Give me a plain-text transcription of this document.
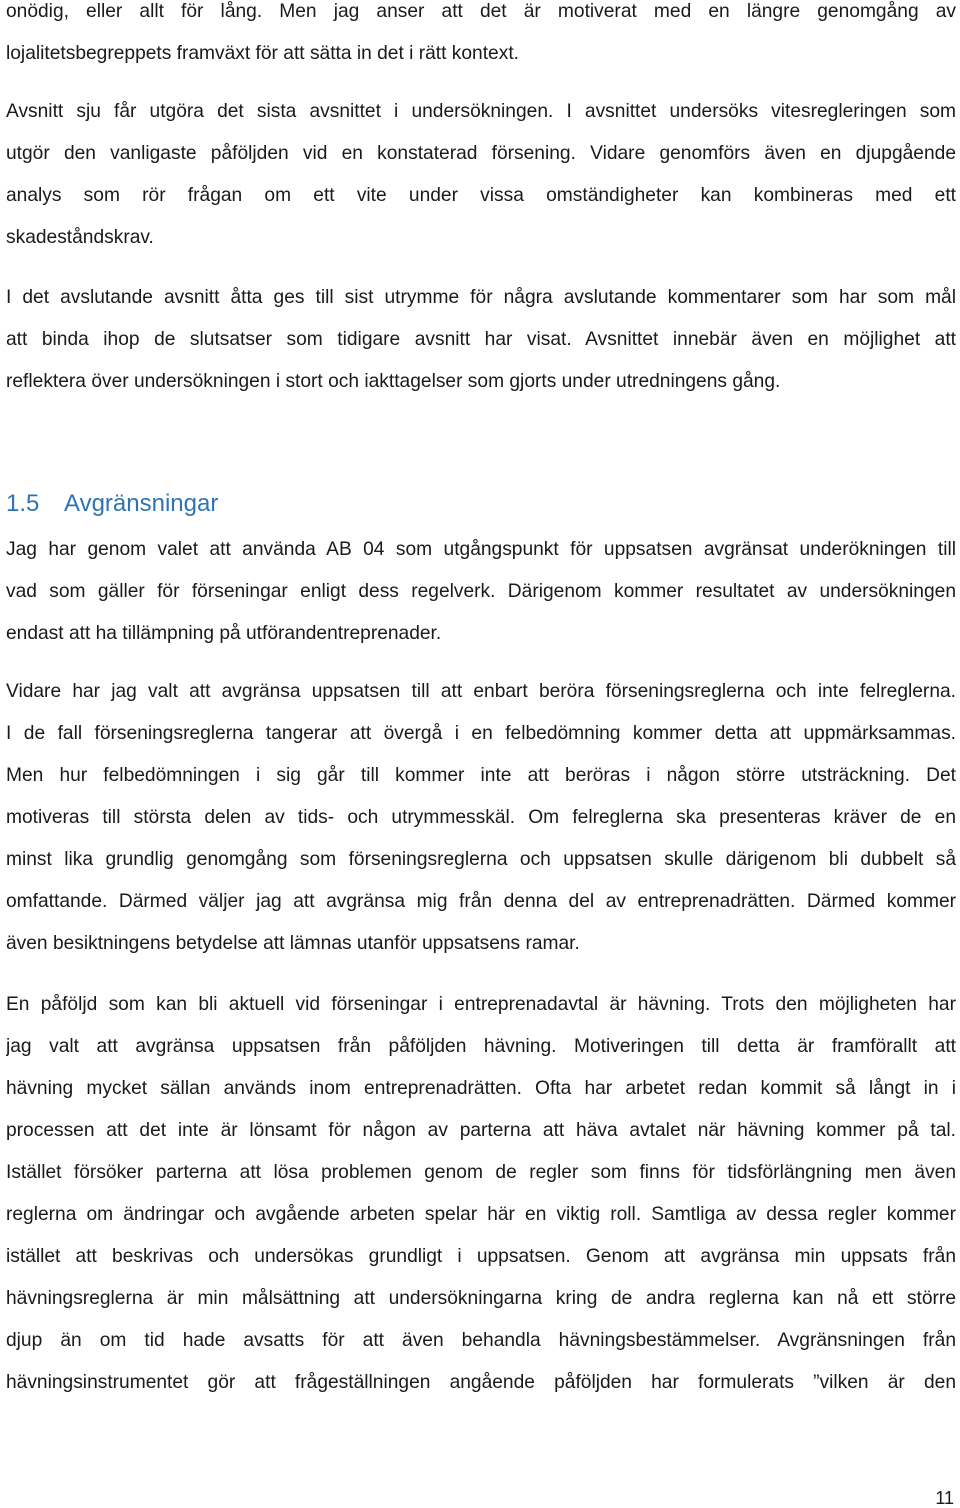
onödig, eller allt för lång. Men jag anser att det är motiverat med en längre genomgång av
lojalitetsbegreppets framväxt för att sätta in det i rätt kontext.
Avsnitt sju får utgöra det sista avsnittet i undersökningen. I avsnittet undersöks vitesregleringen som
utgör den vanligaste påföljden vid en konstaterad försening. Vidare genomförs även en djupgående
analys som rör frågan om ett vite under vissa omständigheter kan kombineras med ett
skadeståndskrav.
I det avslutande avsnitt åtta ges till sist utrymme för några avslutande kommentarer som har som mål
att binda ihop de slutsatser som tidigare avsnitt har visat. Avsnittet innebär även en möjlighet att
reflektera över undersökningen i stort och iakttagelser som gjorts under utredningens gång.
1.5 Avgränsningar
Jag har genom valet att använda AB 04 som utgångspunkt för uppsatsen avgränsat underökningen till
vad som gäller för förseningar enligt dess regelverk. Därigenom kommer resultatet av undersökningen
endast att ha tillämpning på utförandentreprenader.
Vidare har jag valt att avgränsa uppsatsen till att enbart beröra förseningsreglerna och inte felreglerna.
I de fall förseningsreglerna tangerar att övergå i en felbedömning kommer detta att uppmärksammas.
Men hur felbedömningen i sig går till kommer inte att beröras i någon större utsträckning. Det
motiveras till största delen av tids- och utrymmesskäl. Om felreglerna ska presenteras kräver de en
minst lika grundlig genomgång som förseningsreglerna och uppsatsen skulle därigenom bli dubbelt så
omfattande. Därmed väljer jag att avgränsa mig från denna del av entreprenadrätten. Därmed kommer
även besiktningens betydelse att lämnas utanför uppsatsens ramar.
En påföljd som kan bli aktuell vid förseningar i entreprenadavtal är hävning. Trots den möjligheten har
jag valt att avgränsa uppsatsen från påföljden hävning. Motiveringen till detta är framförallt att
hävning mycket sällan används inom entreprenadrätten. Ofta har arbetet redan kommit så långt in i
processen att det inte är lönsamt för någon av parterna att häva avtalet när hävning kommer på tal.
Istället försöker parterna att lösa problemen genom de regler som finns för tidsförlängning men även
reglerna om ändringar och avgående arbeten spelar här en viktig roll. Samtliga av dessa regler kommer
istället att beskrivas och undersökas grundligt i uppsatsen. Genom att avgränsa min uppsats från
hävningsreglerna är min målsättning att undersökningarna kring de andra reglerna kan nå ett större
djup än om tid hade avsatts för att även behandla hävningsbestämmelser. Avgränsningen från
hävningsinstrumentet gör att frågeställningen angående påföljden har formulerats ”vilken är den
11
